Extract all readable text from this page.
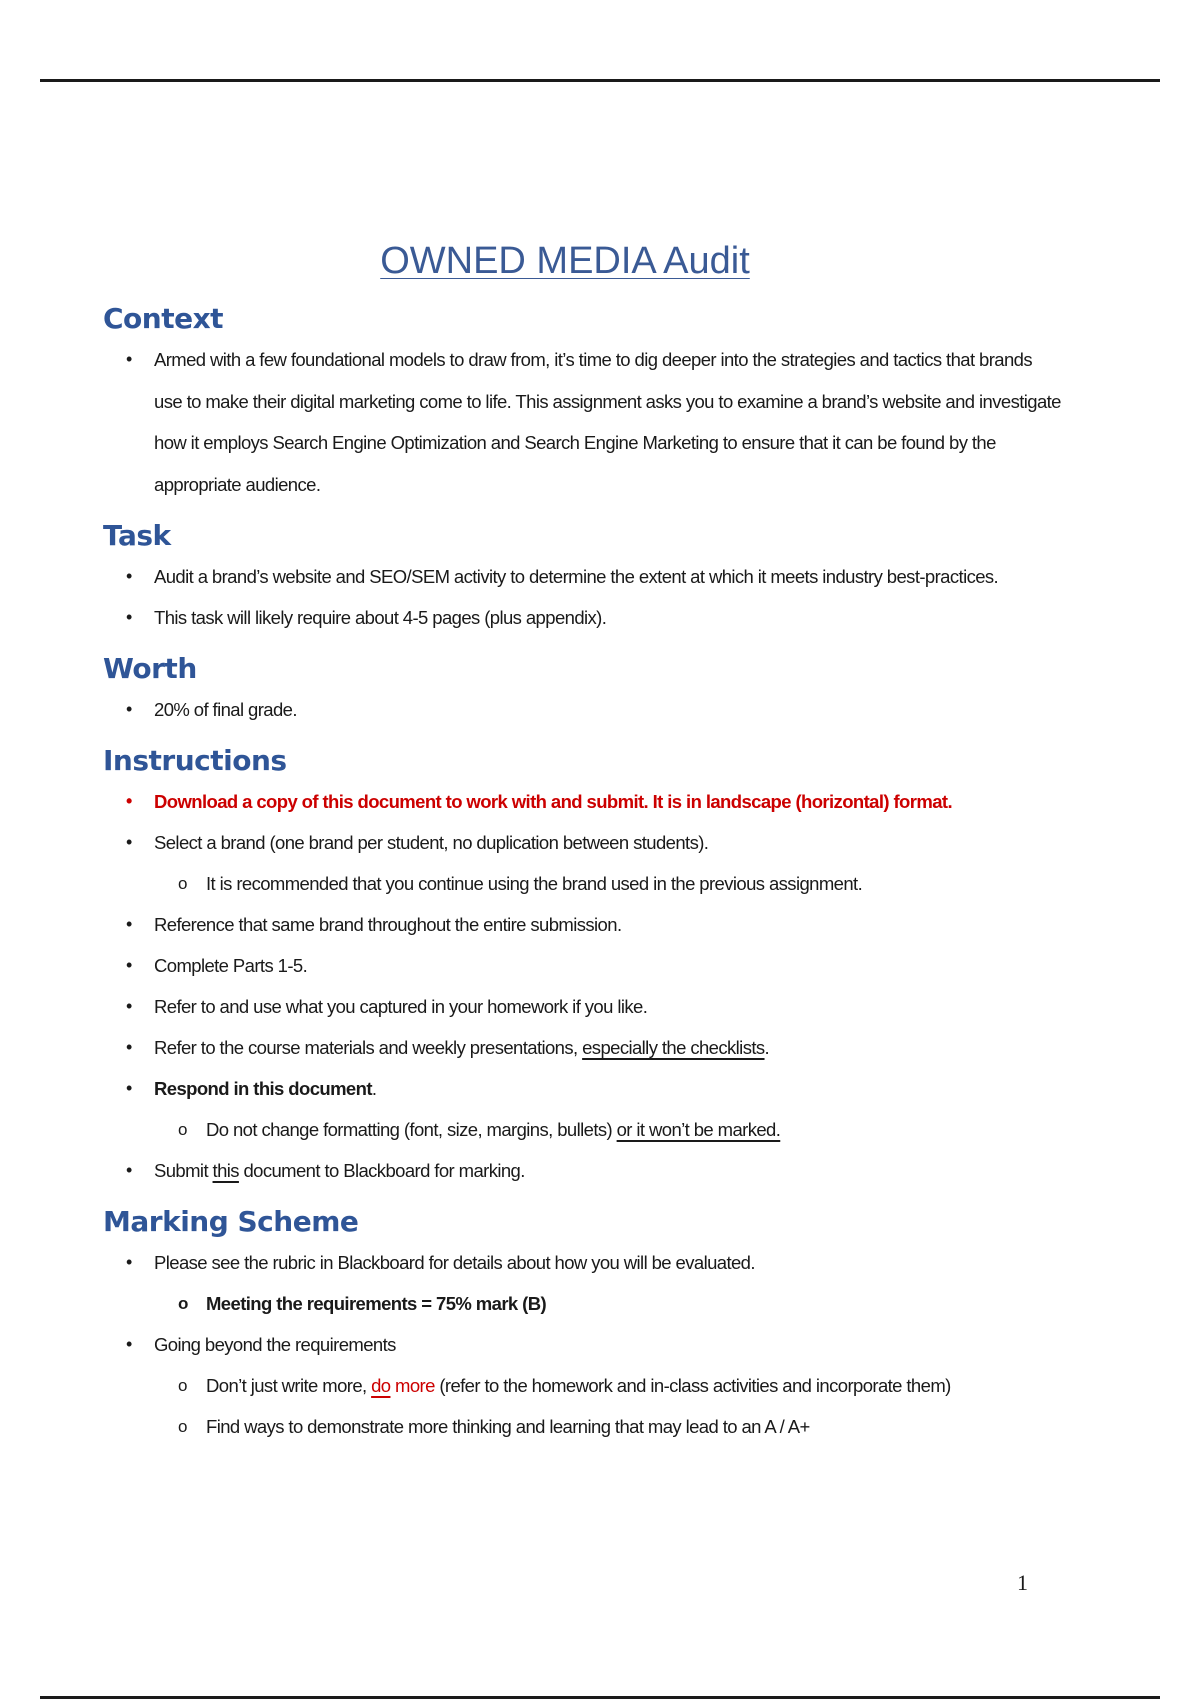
OWNED MEDIA Audit
Context
• Armed with a few foundational models to draw from, it’s time to dig deeper into the strategies and tactics that brands use to make their digital marketing come to life. This assignment asks you to examine a brand’s website and investigate how it employs Search Engine Optimization and Search Engine Marketing to ensure that it can be found by the appropriate audience.
Task
• Audit a brand’s website and SEO/SEM activity to determine the extent at which it meets industry best-practices.
• This task will likely require about 4-5 pages (plus appendix).
Worth
• 20% of final grade.
Instructions
• Download a copy of this document to work with and submit. It is in landscape (horizontal) format.
• Select a brand (one brand per student, no duplication between students).
o It is recommended that you continue using the brand used in the previous assignment.
• Reference that same brand throughout the entire submission.
• Complete Parts 1-5.
• Refer to and use what you captured in your homework if you like.
• Refer to the course materials and weekly presentations, especially the checklists.
• Respond in this document.
o Do not change formatting (font, size, margins, bullets) or it won’t be marked.
• Submit this document to Blackboard for marking.
Marking Scheme
• Please see the rubric in Blackboard for details about how you will be evaluated.
o Meeting the requirements = 75% mark (B)
• Going beyond the requirements
o Don’t just write more, do more (refer to the homework and in-class activities and incorporate them)
o Find ways to demonstrate more thinking and learning that may lead to an A / A+
1
